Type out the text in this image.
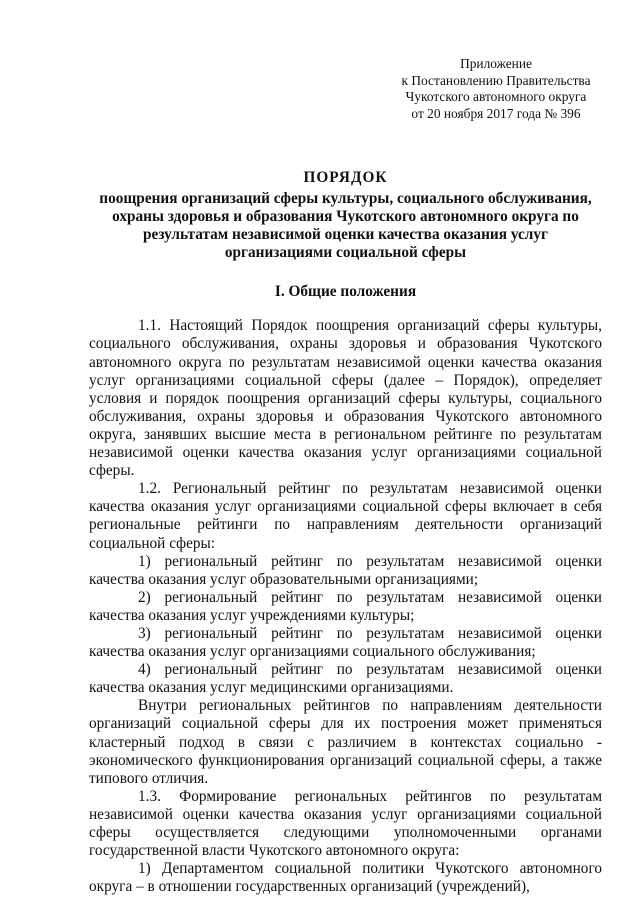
Приложение
к Постановлению Правительства
Чукотского автономного округа
от 20 ноября 2017 года № 396
ПОРЯДОК
поощрения организаций сферы культуры, социального обслуживания, охраны здоровья и образования Чукотского автономного округа по результатам независимой оценки качества оказания услуг организациями социальной сферы
I. Общие положения

1.1. Настоящий Порядок поощрения организаций сферы культуры, социального обслуживания, охраны здоровья и образования Чукотского автономного округа по результатам независимой оценки качества оказания услуг организациями социальной сферы (далее – Порядок), определяет условия и порядок поощрения организаций сферы культуры, социального обслуживания, охраны здоровья и образования Чукотского автономного округа, занявших высшие места в региональном рейтинге по результатам независимой оценки качества оказания услуг организациями социальной сферы.

1.2. Региональный рейтинг по результатам независимой оценки качества оказания услуг организациями социальной сферы включает в себя региональные рейтинги по направлениям деятельности организаций социальной сферы:

1) региональный рейтинг по результатам независимой оценки качества оказания услуг образовательными организациями;

2) региональный рейтинг по результатам независимой оценки качества оказания услуг учреждениями культуры;

3) региональный рейтинг по результатам независимой оценки качества оказания услуг организациями социального обслуживания;

4) региональный рейтинг по результатам независимой оценки качества оказания услуг медицинскими организациями.

Внутри региональных рейтингов по направлениям деятельности организаций социальной сферы для их построения может применяться кластерный подход в связи с различием в контекстах социально - экономического функционирования организаций социальной сферы, а также типового отличия.

1.3. Формирование региональных рейтингов по результатам независимой оценки качества оказания услуг организациями социальной сферы осуществляется следующими уполномоченными органами государственной власти Чукотского автономного округа:

1) Департаментом социальной политики Чукотского автономного округа – в отношении государственных организаций (учреждений),
